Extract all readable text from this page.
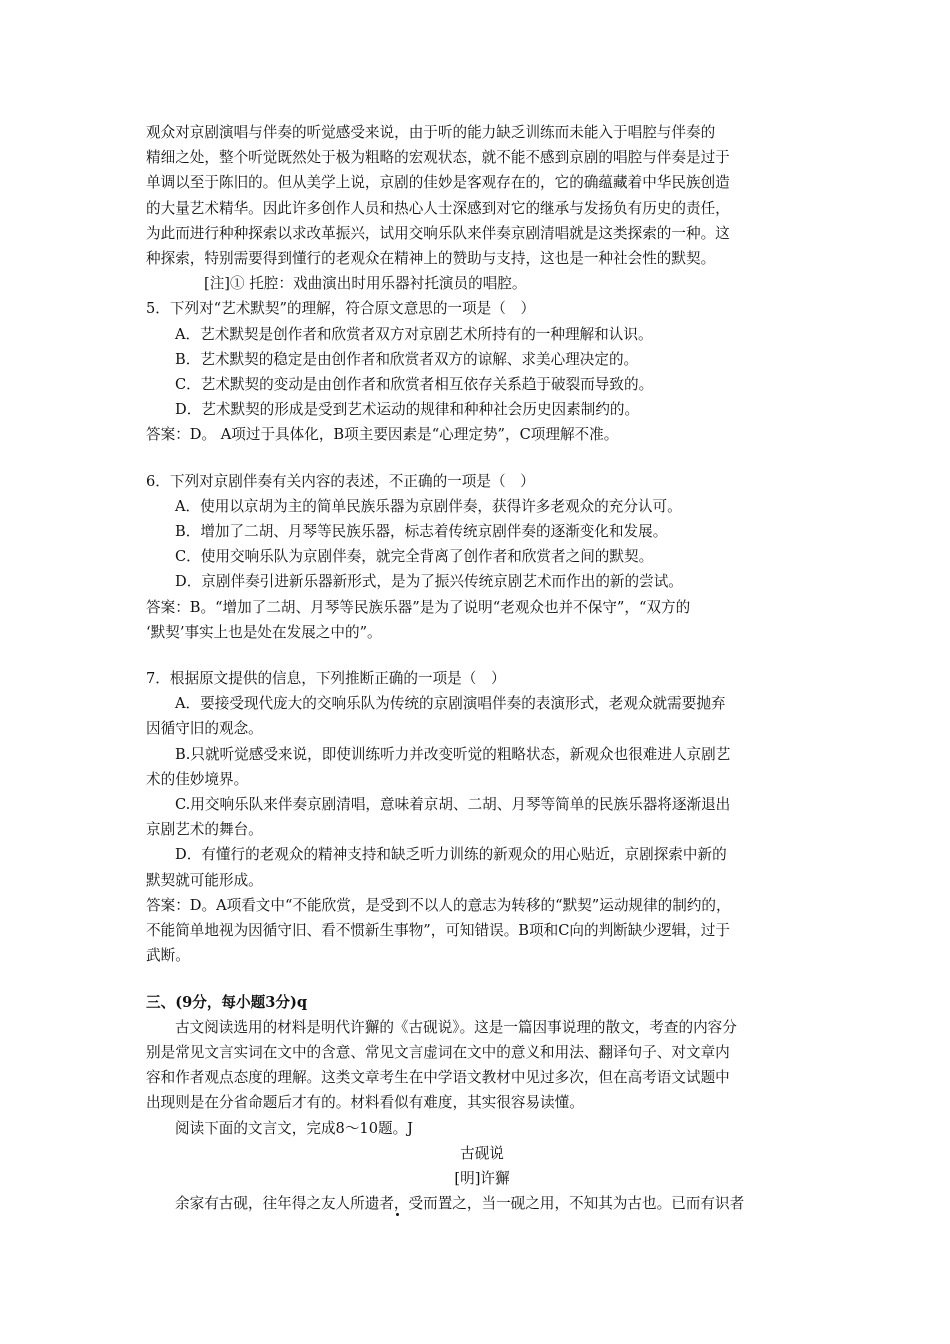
观众对京剧演唱与伴奏的听觉感受来说，由于听的能力缺乏训练而未能入于唱腔与伴奏的

精细之处，整个听觉既然处于极为粗略的宏观状态，就不能不感到京剧的唱腔与伴奏是过于

单调以至于陈旧的。但从美学上说，京剧的佳妙是客观存在的，它的确蕴藏着中华民族创造

的大量艺术精华。因此许多创作人员和热心人士深感到对它的继承与发扬负有历史的责任，

为此而进行种种探索以求改革振兴，试用交响乐队来伴奏京剧清唱就是这类探索的一种。这

种探索，特别需要得到懂行的老观众在精神上的赞助与支持，这也是一种社会性的默契。

[注]① 托腔：戏曲演出时用乐器衬托演员的唱腔。

5．下列对“艺术默契”的理解，符合原文意思的一项是（　）

A．艺术默契是创作者和欣赏者双方对京剧艺术所持有的一种理解和认识。

B．艺术默契的稳定是由创作者和欣赏者双方的谅解、求美心理决定的。

C．艺术默契的变动是由创作者和欣赏者相互依存关系趋于破裂而导致的。

D．艺术默契的形成是受到艺术运动的规律和种种社会历史因素制约的。

答案：D。 A项过于具体化，B项主要因素是“心理定势”，C项理解不准。

6．下列对京剧伴奏有关内容的表述，不正确的一项是（　）

A．使用以京胡为主的简单民族乐器为京剧伴奏，获得许多老观众的充分认可。

B．增加了二胡、月琴等民族乐器，标志着传统京剧伴奏的逐渐变化和发展。

C．使用交响乐队为京剧伴奏，就完全背离了创作者和欣赏者之间的默契。

D．京剧伴奏引进新乐器新形式，是为了振兴传统京剧艺术而作出的新的尝试。

答案：B。“增加了二胡、月琴等民族乐器”是为了说明“老观众也并不保守”，“双方的

‘默契’事实上也是处在发展之中的”。

7．根据原文提供的信息，下列推断正确的一项是（　）

A．要接受现代庞大的交响乐队为传统的京剧演唱伴奏的表演形式，老观众就需要抛弃

因循守旧的观念。

B.只就听觉感受来说，即使训练听力并改变听觉的粗略状态，新观众也很难进人京剧艺

术的佳妙境界。

C.用交响乐队来伴奏京剧清唱，意味着京胡、二胡、月琴等简单的民族乐器将逐渐退出

京剧艺术的舞台。

D．有懂行的老观众的精神支持和缺乏听力训练的新观众的用心贴近，京剧探索中新的

默契就可能形成。

答案：D。A项看文中“不能欣赏，是受到不以人的意志为转移的“默契”运动规律的制约的，

不能简单地视为因循守旧、看不惯新生事物”，可知错误。B项和C向的判断缺少逻辑，过于

武断。

三、(9分，每小题3分)q

古文阅读选用的材料是明代许獬的《古砚说》。这是一篇因事说理的散文，考查的内容分

别是常见文言实词在文中的含意、常见文言虚词在文中的意义和用法、翻译句子、对文章内

容和作者观点态度的理解。这类文章考生在中学语文教材中见过多次，但在高考语文试题中

出现则是在分省命题后才有的。材料看似有难度，其实很容易读懂。

阅读下面的文言文，完成8～10题。J

古砚说

[明]许獬

余家有古砚，往年得之友人所遗者，受而置之，当一砚之用，不知其为古也。已而有识者
